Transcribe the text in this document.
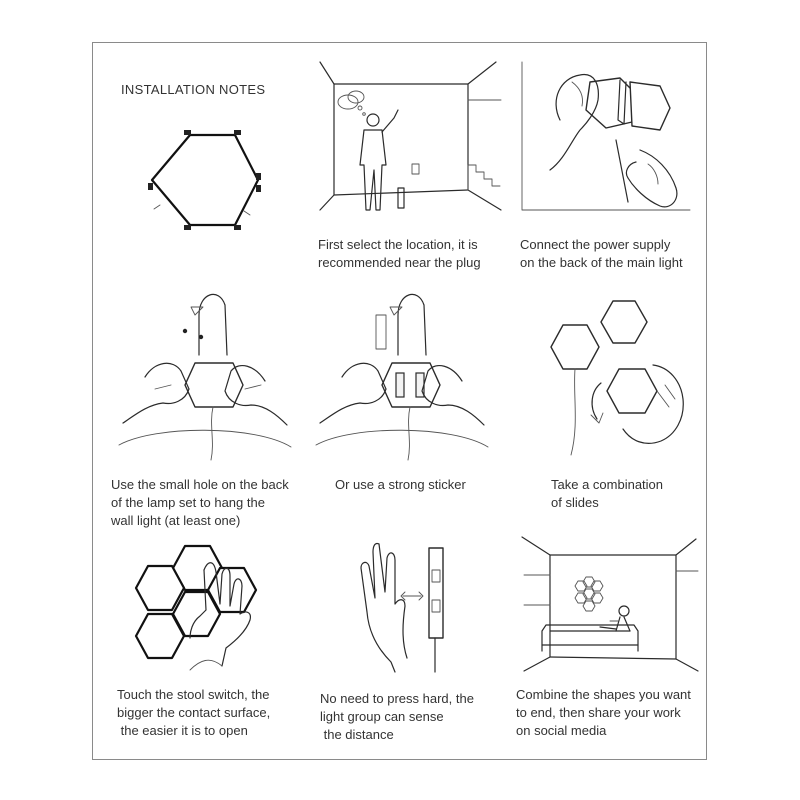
INSTALLATION NOTES
First select the location, it is
recommended near the plug
Connect the power supply
on the back of the main light
Use the small hole on the back
of the lamp set to hang the
wall light (at least one)
Or use a strong sticker	Take a combination
of slides
Touch the stool switch, the
bigger the contact surface,
the easier it is to open
No need to press hard, the
light group can sense
the distance
Combine the shapes you want
to end, then share your work
on social media
